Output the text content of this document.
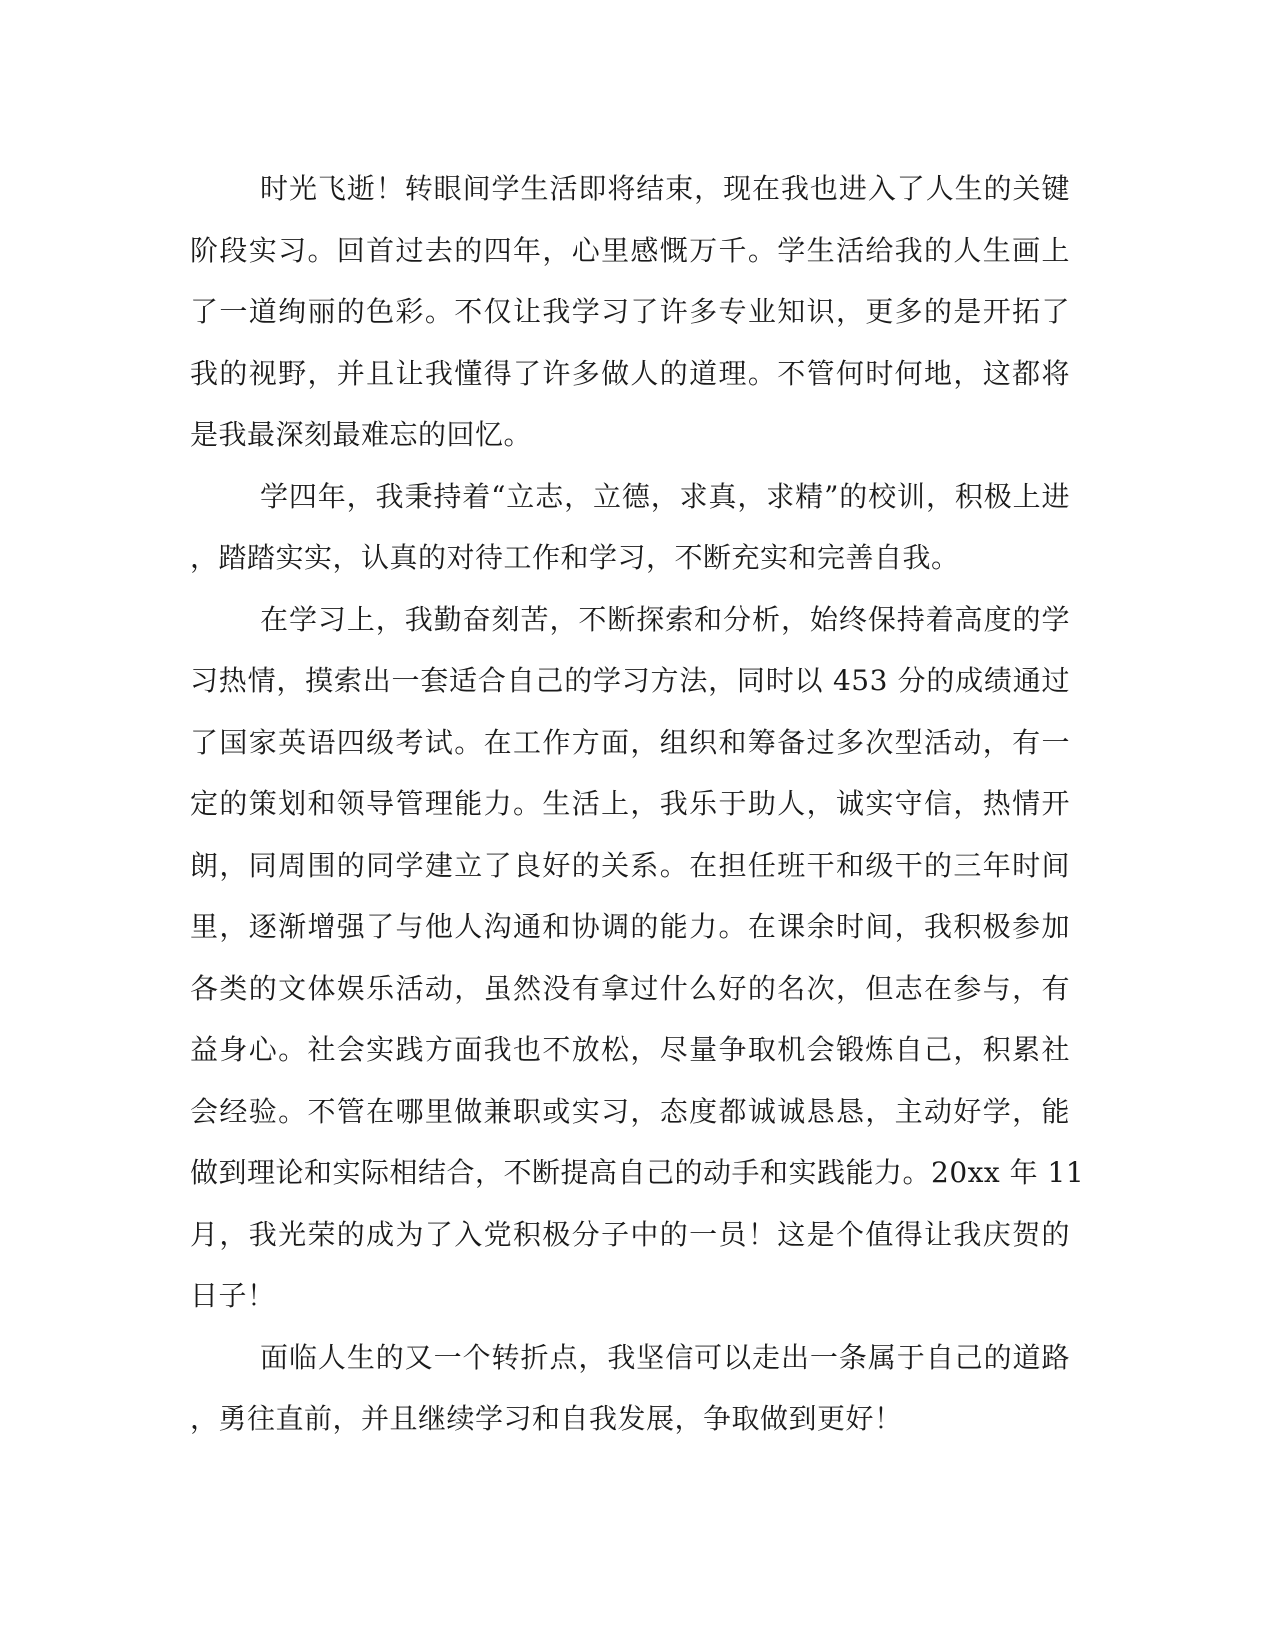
时光飞逝！转眼间学生活即将结束，现在我也进入了人生的关键
阶段实习。回首过去的四年，心里感慨万千。学生活给我的人生画上
了一道绚丽的色彩。不仅让我学习了许多专业知识，更多的是开拓了
我的视野，并且让我懂得了许多做人的道理。不管何时何地，这都将
是我最深刻最难忘的回忆。
学四年，我秉持着“立志，立德，求真，求精”的校训，积极上进
，踏踏实实，认真的对待工作和学习，不断充实和完善自我。
在学习上，我勤奋刻苦，不断探索和分析，始终保持着高度的学
习热情，摸索出一套适合自己的学习方法，同时以 453 分的成绩通过
了国家英语四级考试。在工作方面，组织和筹备过多次型活动，有一
定的策划和领导管理能力。生活上，我乐于助人，诚实守信，热情开
朗，同周围的同学建立了良好的关系。在担任班干和级干的三年时间
里，逐渐增强了与他人沟通和协调的能力。在课余时间，我积极参加
各类的文体娱乐活动，虽然没有拿过什么好的名次，但志在参与，有
益身心。社会实践方面我也不放松，尽量争取机会锻炼自己，积累社
会经验。不管在哪里做兼职或实习，态度都诚诚恳恳，主动好学，能
做到理论和实际相结合，不断提高自己的动手和实践能力。20xx 年 11
月，我光荣的成为了入党积极分子中的一员！这是个值得让我庆贺的
日子！
面临人生的又一个转折点，我坚信可以走出一条属于自己的道路
，勇往直前，并且继续学习和自我发展，争取做到更好！
